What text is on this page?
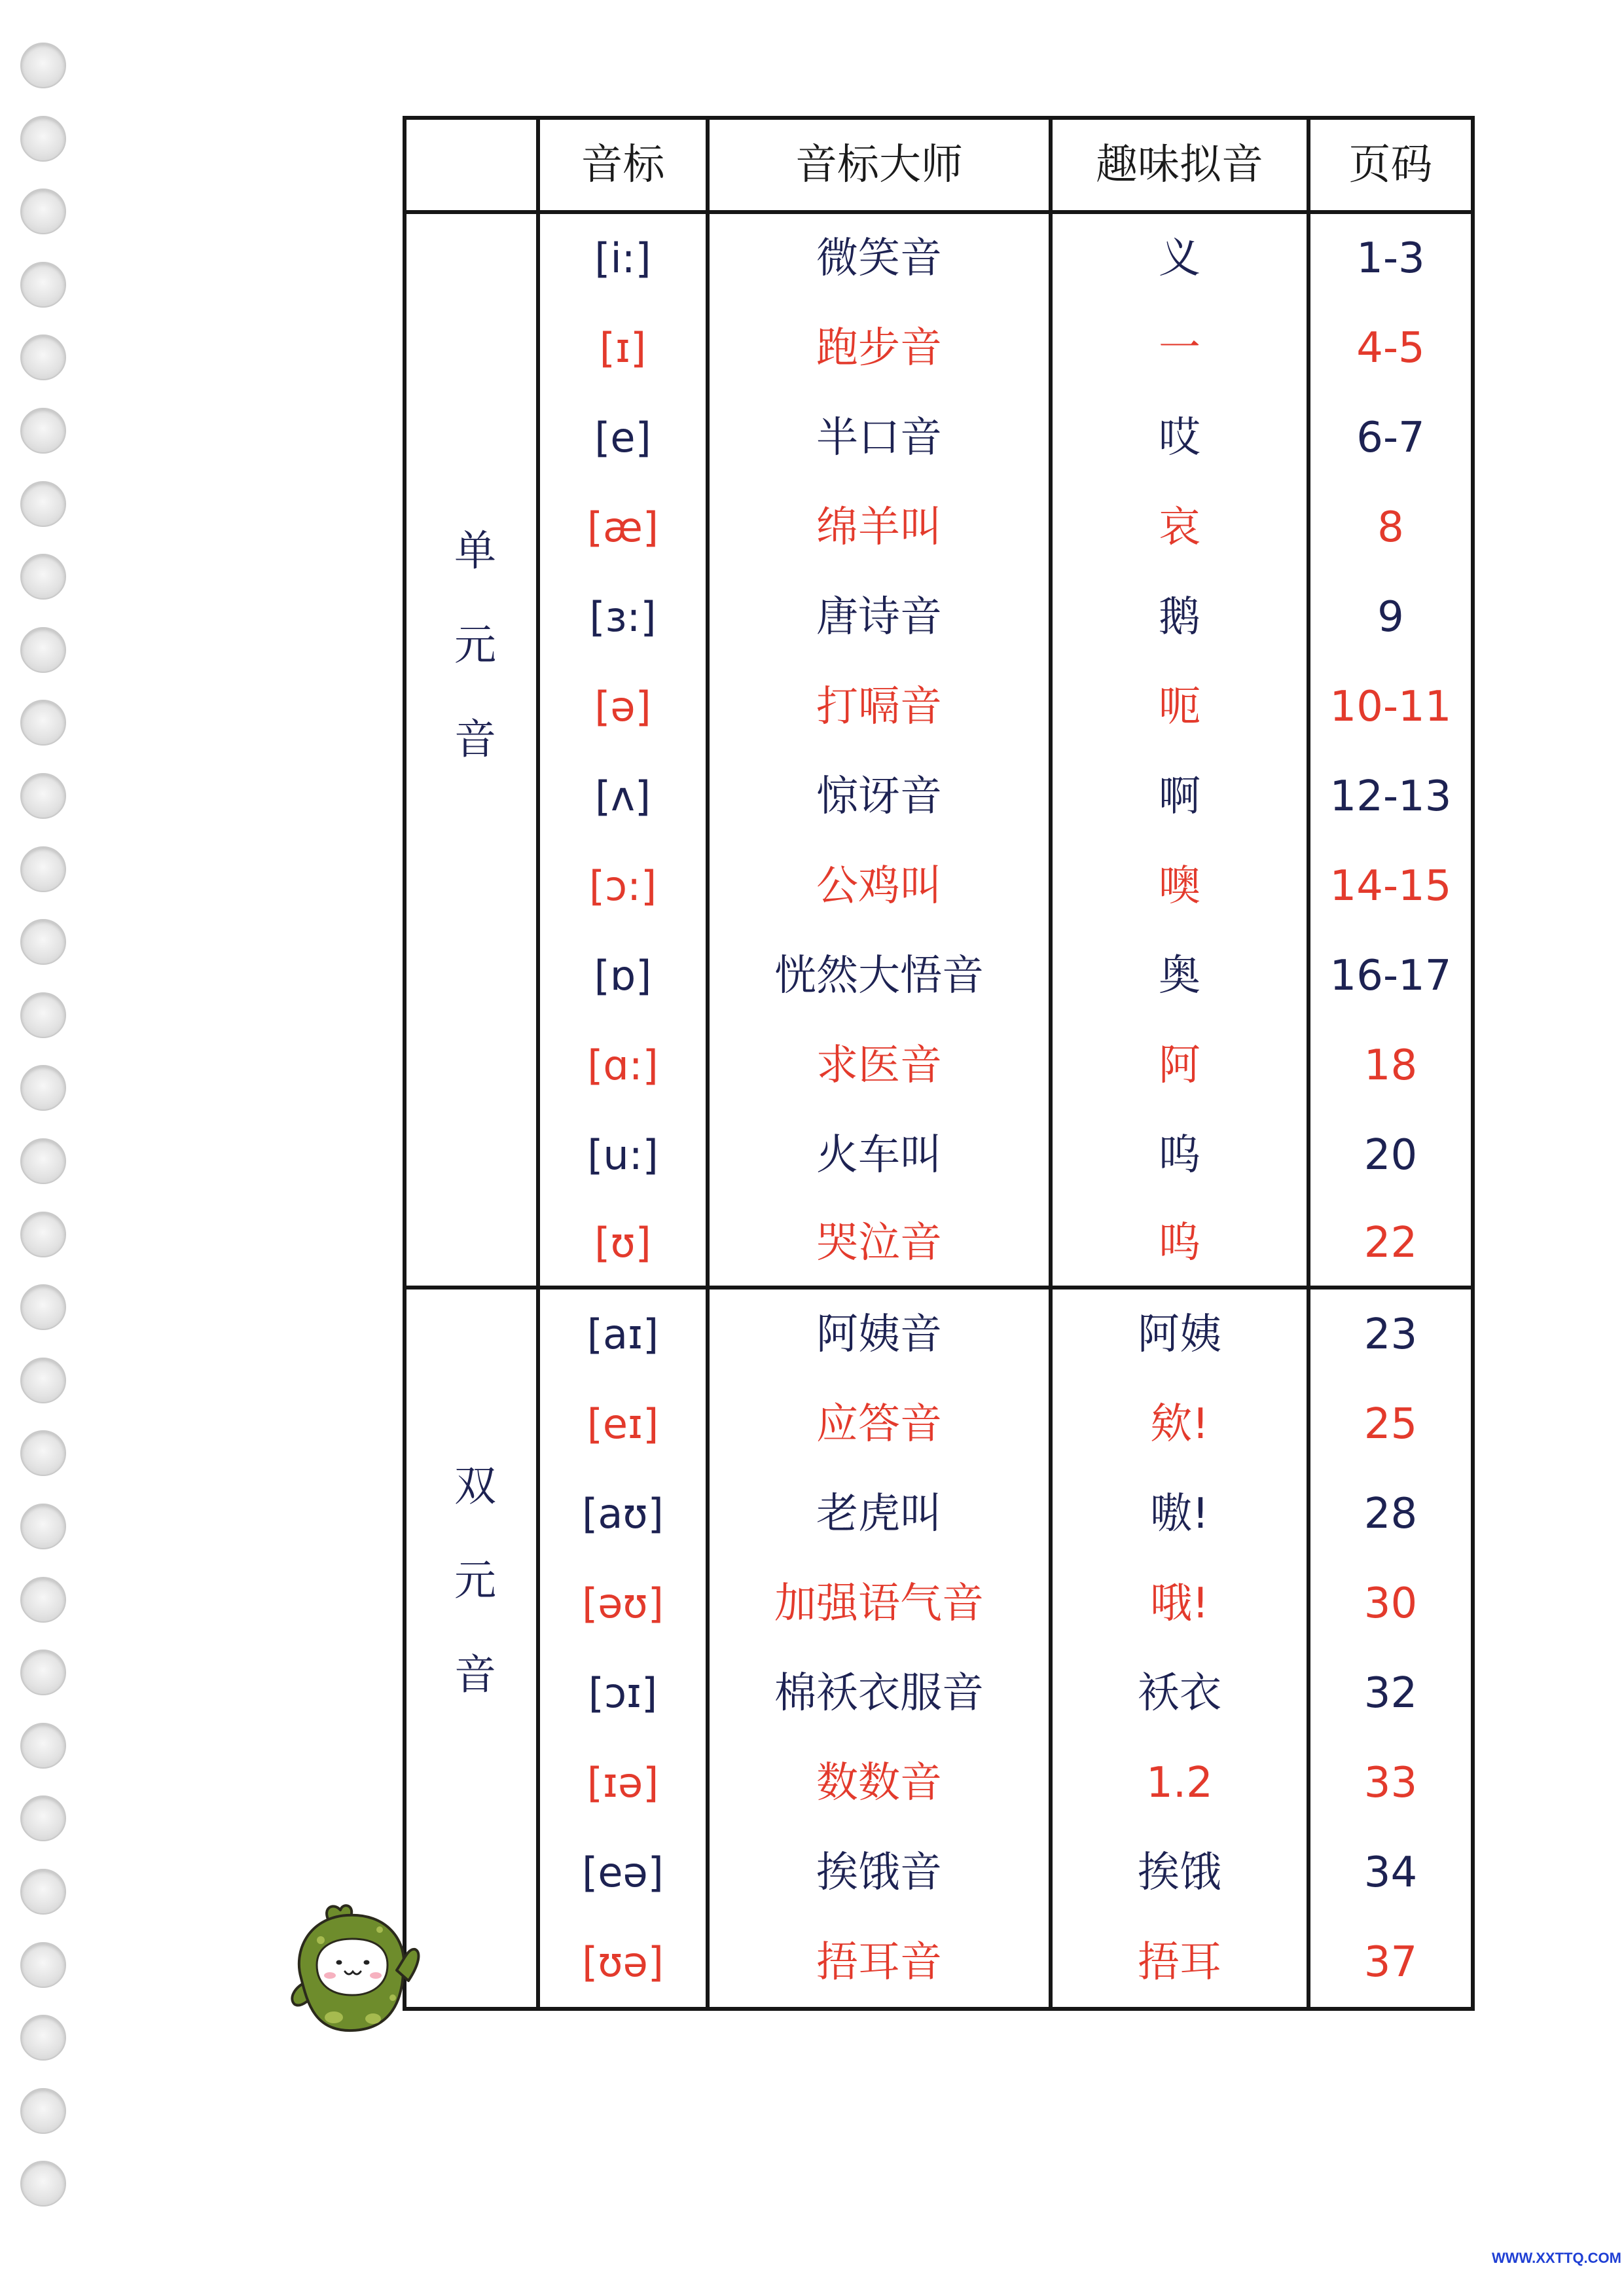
音标	音标大师	趣味拟音	页码
单元音
[i:]	微笑音	义	1-3
[ɪ]	跑步音	一	4-5
[e]	半口音	哎	6-7
[æ]	绵羊叫	哀	8
[ɜ:]	唐诗音	鹅	9
[ə]	打嗝音	呃	10-11
[ʌ]	惊讶音	啊	12-13
[ɔ:]	公鸡叫	噢	14-15
[ɒ]	恍然大悟音	奥	16-17
[ɑ:]	求医音	阿	18
[u:]	火车叫	呜	20
[ʊ]	哭泣音	呜	22
双元音
[aɪ]	阿姨音	阿姨	23
[eɪ]	应答音	欸!	25
[aʊ]	老虎叫	嗷!	28
[əʊ]	加强语气音	哦!	30
[ɔɪ]	棉袄衣服音	袄衣	32
[ɪə]	数数音	1.2	33
[eə]	挨饿音	挨饿	34
[ʊə]	捂耳音	捂耳	37
WWW.XXTTQ.COM
